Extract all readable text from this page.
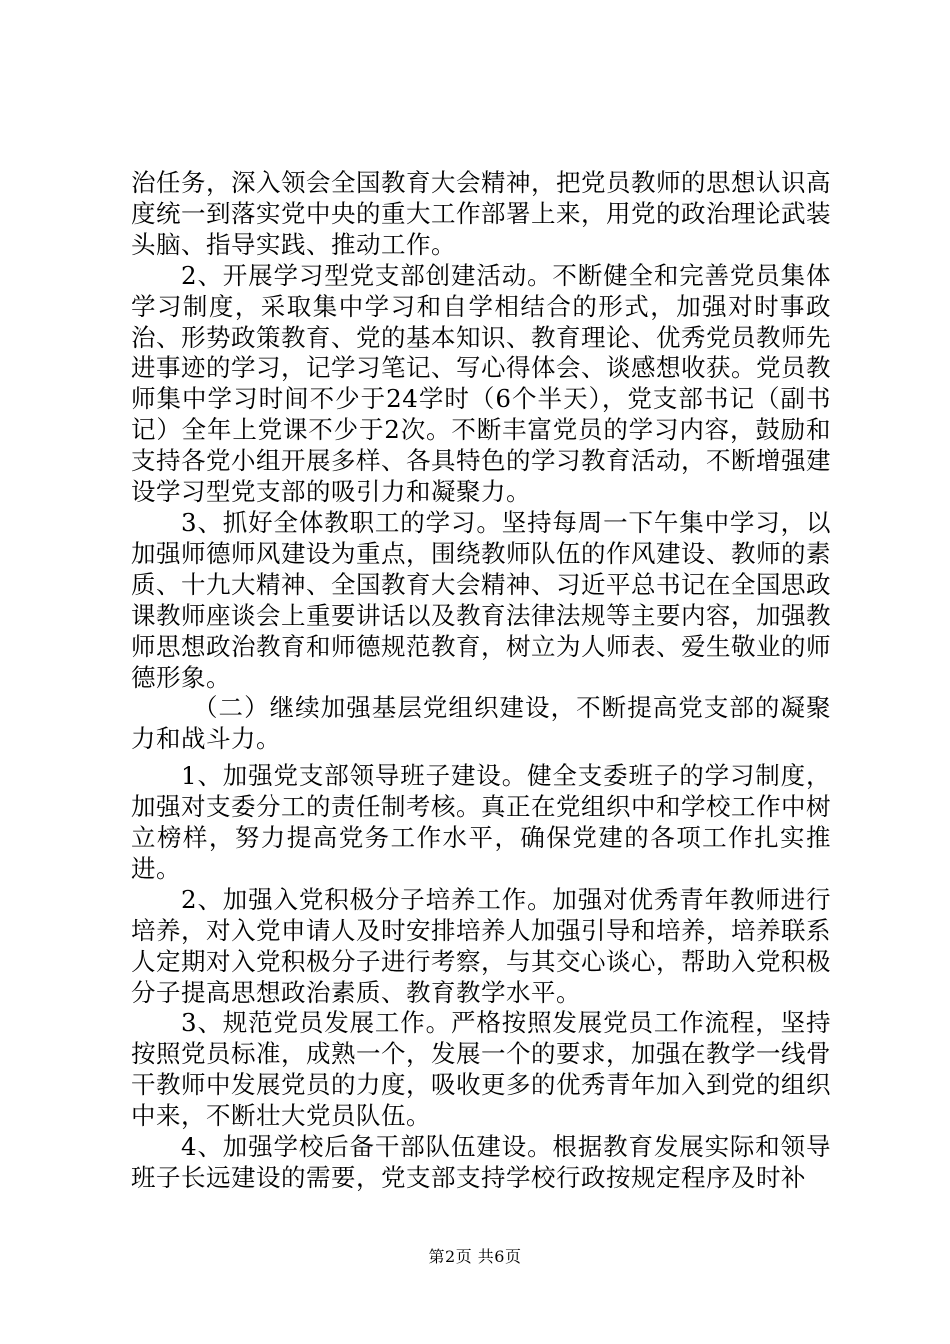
治任务，深入领会全国教育大会精神，把党员教师的思想认识高度统一到落实党中央的重大工作部署上来，用党的政治理论武装头脑、指导实践、推动工作。

2、开展学习型党支部创建活动。不断健全和完善党员集体学习制度，采取集中学习和自学相结合的形式，加强对时事政治、形势政策教育、党的基本知识、教育理论、优秀党员教师先进事迹的学习，记学习笔记、写心得体会、谈感想收获。党员教师集中学习时间不少于24学时（6个半天），党支部书记（副书记）全年上党课不少于2次。不断丰富党员的学习内容，鼓励和支持各党小组开展多样、各具特色的学习教育活动，不断增强建设学习型党支部的吸引力和凝聚力。

3、抓好全体教职工的学习。坚持每周一下午集中学习，以加强师德师风建设为重点，围绕教师队伍的作风建设、教师的素质、十九大精神、全国教育大会精神、习近平总书记在全国思政课教师座谈会上重要讲话以及教育法律法规等主要内容，加强教师思想政治教育和师德规范教育，树立为人师表、爱生敬业的师德形象。

（二）继续加强基层党组织建设，不断提高党支部的凝聚力和战斗力。

1、加强党支部领导班子建设。健全支委班子的学习制度，加强对支委分工的责任制考核。真正在党组织中和学校工作中树立榜样，努力提高党务工作水平，确保党建的各项工作扎实推进。

2、加强入党积极分子培养工作。加强对优秀青年教师进行培养，对入党申请人及时安排培养人加强引导和培养，培养联系人定期对入党积极分子进行考察，与其交心谈心，帮助入党积极分子提高思想政治素质、教育教学水平。

3、规范党员发展工作。严格按照发展党员工作流程，坚持按照党员标准，成熟一个，发展一个的要求，加强在教学一线骨干教师中发展党员的力度，吸收更多的优秀青年加入到党的组织中来，不断壮大党员队伍。

4、加强学校后备干部队伍建设。根据教育发展实际和领导班子长远建设的需要，党支部支持学校行政按规定程序及时补

第2页 共6页
